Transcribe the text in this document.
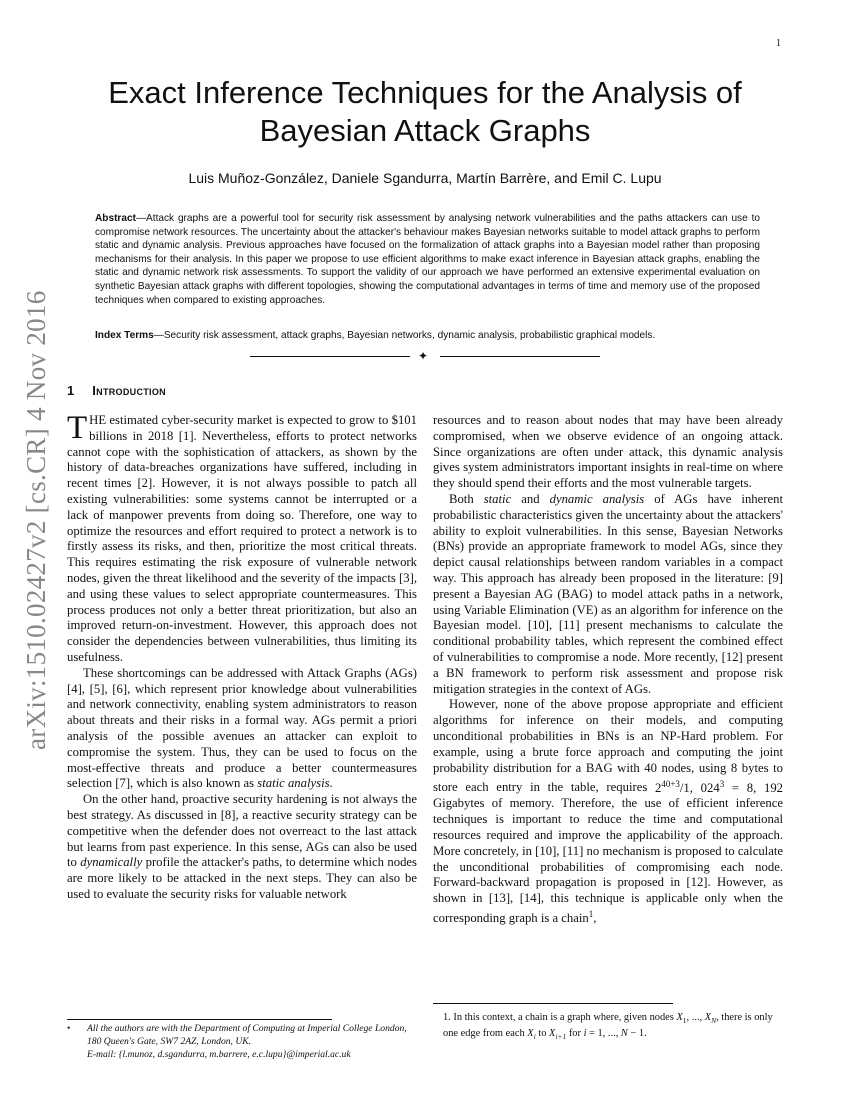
1
arXiv:1510.02427v2 [cs.CR] 4 Nov 2016
Exact Inference Techniques for the Analysis of
Bayesian Attack Graphs
Luis Muñoz-González, Daniele Sgandurra, Martín Barrère, and Emil C. Lupu
Abstract—Attack graphs are a powerful tool for security risk assessment by analysing network vulnerabilities and the paths attackers can use to compromise network resources. The uncertainty about the attacker's behaviour makes Bayesian networks suitable to model attack graphs to perform static and dynamic analysis. Previous approaches have focused on the formalization of attack graphs into a Bayesian model rather than proposing mechanisms for their analysis. In this paper we propose to use efficient algorithms to make exact inference in Bayesian attack graphs, enabling the static and dynamic network risk assessments. To support the validity of our approach we have performed an extensive experimental evaluation on synthetic Bayesian attack graphs with different topologies, showing the computational advantages in terms of time and memory use of the proposed techniques when compared to existing approaches.
Index Terms—Security risk assessment, attack graphs, Bayesian networks, dynamic analysis, probabilistic graphical models.
✦
1 Introduction

THE estimated cyber-security market is expected to grow to $101 billions in 2018 [1]. Nevertheless, efforts to protect networks cannot cope with the sophistication of attackers, as shown by the history of data-breaches organizations have suffered, including in recent times [2]. However, it is not always possible to patch all existing vulnerabilities: some systems cannot be interrupted or a lack of manpower prevents from doing so. Therefore, one way to optimize the resources and effort required to protect a network is to firstly assess its risks, and then, prioritize the most critical threats. This requires estimating the risk exposure of vulnerable network nodes, given the threat likelihood and the severity of the impacts [3], and using these values to select appropriate countermeasures. This process produces not only a better threat prioritization, but also an improved return-on-investment. However, this approach does not consider the dependencies between vulnerabilities, thus limiting its usefulness.

These shortcomings can be addressed with Attack Graphs (AGs) [4], [5], [6], which represent prior knowledge about vulnerabilities and network connectivity, enabling system administrators to reason about threats and their risks in a formal way. AGs permit a priori analysis of the possible avenues an attacker can exploit to compromise the system. Thus, they can be used to focus on the most-effective threats and produce a better countermeasures selection [7], which is also known as static analysis.

On the other hand, proactive security hardening is not always the best strategy. As discussed in [8], a reactive security strategy can be competitive when the defender does not overreact to the last attack but learns from past experience. In this sense, AGs can also be used to dynamically profile the attacker's paths, to determine which nodes are more likely to be attacked in the next steps. They can also be used to evaluate the security risks for valuable network

resources and to reason about nodes that may have been already compromised, when we observe evidence of an ongoing attack. Since organizations are often under attack, this dynamic analysis gives system administrators important insights in real-time on where they should spend their efforts and the most vulnerable targets.

Both static and dynamic analysis of AGs have inherent probabilistic characteristics given the uncertainty about the attackers' ability to exploit vulnerabilities. In this sense, Bayesian Networks (BNs) provide an appropriate framework to model AGs, since they depict causal relationships between random variables in a compact way. This approach has already been proposed in the literature: [9] present a Bayesian AG (BAG) to model attack paths in a network, using Variable Elimination (VE) as an algorithm for inference on the Bayesian model. [10], [11] present mechanisms to calculate the conditional probability tables, which represent the combined effect of vulnerabilities to compromise a node. More recently, [12] present a BN framework to perform risk assessment and propose risk mitigation strategies in the context of AGs.

However, none of the above propose appropriate and efficient algorithms for inference on their models, and computing unconditional probabilities in BNs is an NP-Hard problem. For example, using a brute force approach and computing the joint probability distribution for a BAG with 40 nodes, using 8 bytes to store each entry in the table, requires $2^{40+3}/1$, $024^3 = 8$, 192 Gigabytes of memory. Therefore, the use of efficient inference techniques is important to reduce the time and computational resources required and improve the applicability of the approach. More concretely, in [10], [11] no mechanism is proposed to calculate the unconditional probabilities of compromising each node. Forward-backward propagation is proposed in [12]. However, as shown in [13], [14], this technique is applicable only when the corresponding graph is a chain$^1$,

• All the authors are with the Department of Computing at Imperial College London, 180 Queen's Gate, SW7 2AZ, London, UK.
E-mail: {l.munoz, d.sgandurra, m.barrere, e.c.lupu}@imperial.ac.uk
1. In this context, a chain is a graph where, given nodes $X_1$, ..., $X_N$, there is only one edge from each $X_i$ to $X_{i+1}$ for i = 1, ..., N − 1.
